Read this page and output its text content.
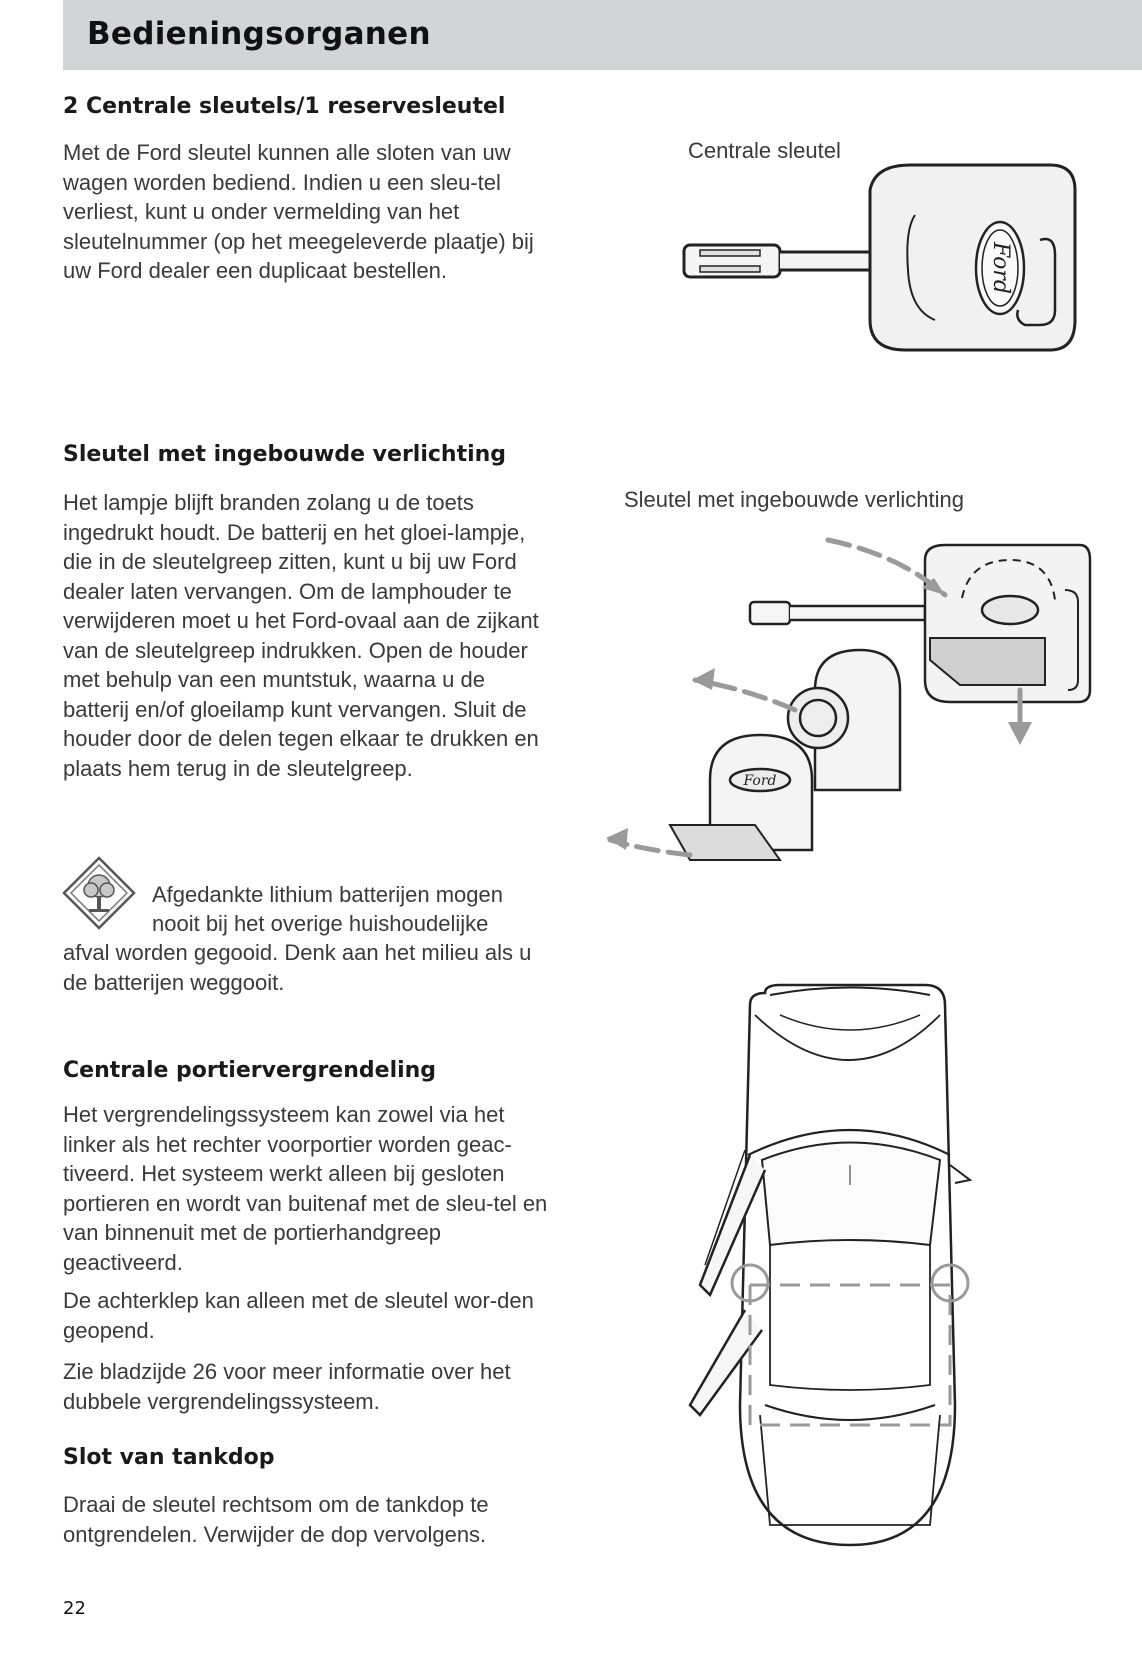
Bedieningsorganen
2 Centrale sleutels/1 reservesleutel

Met de Ford sleutel kunnen alle sloten van uw wagen worden bediend. Indien u een sleu-tel verliest, kunt u onder vermelding van het sleutelnummer (op het meegeleverde plaatje) bij uw Ford dealer een duplicaat bestellen.

Centrale sleutel
Ford
Sleutel met ingebouwde verlichting

Het lampje blijft branden zolang u de toets ingedrukt houdt. De batterij en het gloei-lampje, die in de sleutelgreep zitten, kunt u bij uw Ford dealer laten vervangen. Om de lamphouder te verwijderen moet u het Ford-ovaal aan de zijkant van de sleutelgreep indrukken. Open de houder met behulp van een muntstuk, waarna u de batterij en/of gloeilamp kunt vervangen. Sluit de houder door de delen tegen elkaar te drukken en plaats hem terug in de sleutelgreep.

Sleutel met ingebouwde verlichting
Ford

Afgedankte lithium batterijen mogen

nooit bij het overige huishoudelijke

afval worden gegooid. Denk aan het milieu als u de batterijen weggooit.

Centrale portiervergrendeling

Het vergrendelingssysteem kan zowel via het linker als het rechter voorportier worden geac-tiveerd. Het systeem werkt alleen bij gesloten portieren en wordt van buitenaf met de sleu-tel en van binnenuit met de portierhandgreep geactiveerd.

De achterklep kan alleen met de sleutel wor-den geopend.

Zie bladzijde 26 voor meer informatie over het dubbele vergrendelingssysteem.

Slot van tankdop

Draai de sleutel rechtsom om de tankdop te ontgrendelen. Verwijder de dop vervolgens.

22
